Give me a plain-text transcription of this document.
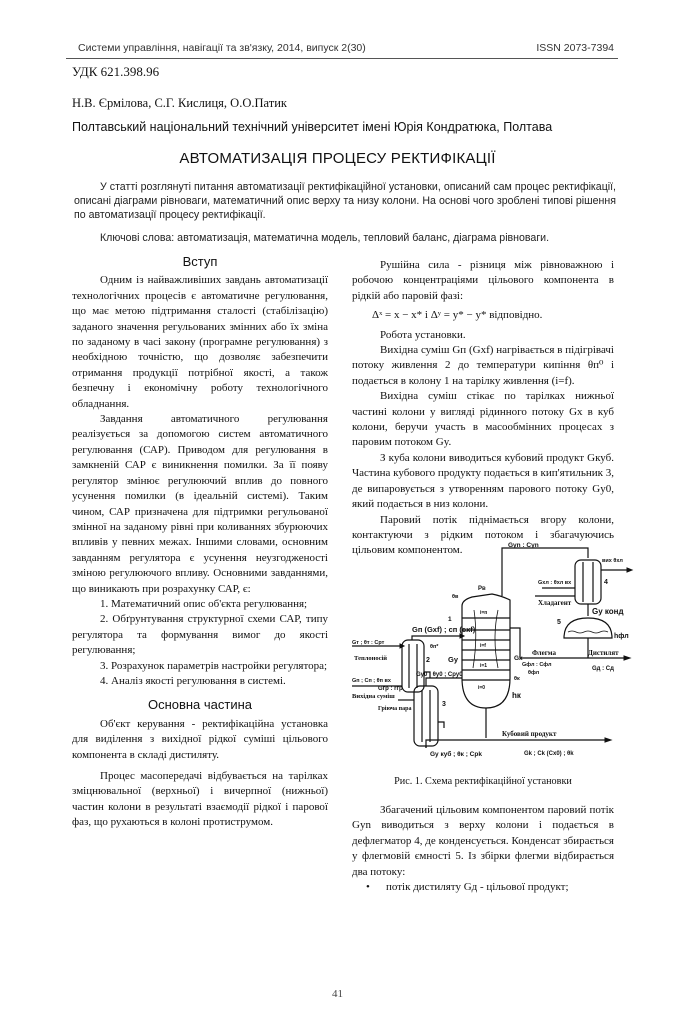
Системи управління, навігації та зв'язку, 2014, випуск 2(30)	ISSN 2073-7394
УДК 621.398.96
Н.В. Єрмілова, С.Г. Кислиця, О.О.Патик
Полтавський національний технічний університет імені Юрія Кондратюка, Полтава
АВТОМАТИЗАЦІЯ ПРОЦЕСУ РЕКТИФІКАЦІЇ
У статті розглянуті питання автоматизації ректифікаційної установки, описаний сам процес ректифікації, описані діаграми рівноваги, математичний опис верху та низу колони. На основі чого зроблені типові рішення по автоматизації процесу ректифікації.
Ключові слова: автоматизація, математична модель, тепловий баланс, діаграма рівноваги.

Вступ

Одним із найважливіших завдань автоматизації технологічних процесів є автоматичне регулювання, що має метою підтримання сталості (стабілізацію) заданого значення регульованих змінних або їх зміна по заданому в часі закону (програмне регулювання) з необхідною точністю, що дозволяє забезпечити отримання продукції потрібної якості, а також безпечну і економічну роботу технологічного обладнання.

Завдання автоматичного регулювання реалізується за допомогою систем автоматичного регулювання (САР). Приводом для регулювання в замкненій САР є виникнення помилки. За її появу регулятор змінює регулюючий вплив до повного усунення помилки (в ідеальній системі). Таким чином, САР призначена для підтримки регульованої змінної на заданому рівні при коливаннях збурюючих впливів у певних межах. Іншими словами, основним завданням регулятора є усунення неузгодженості зміною регулюючого впливу. Основними завданнями, що виникають при розрахунку САР, є:

1. Математичний опис об'єкта регулювання;

2. Обґрунтування структурної схеми САР, типу регулятора та формування вимог до якості регулювання;

3. Розрахунок параметрів настройки регулятора;

4. Аналіз якості регулювання в системі.

Основна частина

Об'єкт керування - ректифікаційна установка для виділення з вихідної рідкої суміші цільового компонента в складі дистиляту.

Процес масопередачі відбувається на тарілках зміцнювальної (верхньої) і вичерпної (нижньої) частин колони в результаті взаємодії рідкої і парової фаз, що рухаються в колоні протиструмом.

Рушійна сила - різниця між рівноважною і робочою концентраціями цільового компонента в рідкій або паровій фазі:

Δˣ = x − x* і Δʸ = y* − y* відповідно.

Робота установки.

Вихідна суміш Gп (Gxf) нагрівається в підігрівачі потоку живлення 2 до температури кипіння θп⁰ і подається в колону 1 на тарілку живлення (i=f).

Вихідна суміш стікає по тарілках нижньої частині колони у вигляді рідинного потоку Gx в куб колони, беручи участь в масообмінних процесах з паровим потоком Gy.

З куба колони виводиться кубовий продукт Gкуб. Частина кубового продукту подається в кип'ятильник 3, де випаровується з утворенням парового потоку Gy0, який подається в низ колони.

Паровий потік піднімається вгору колони, контактуючи з рідким потоком і збагачуючись цільовим компонентом.	Gyn : Cyn
вих θхл
Gхл : θхл вх
Хладагент
4
Pв
θв
i=n	Gу конд
5
hфл
1
Gп (Gxf) ; cп (cxf)
Флегма	Дистилят
Gфл : Cфл
θфл
Gд : Cд
i=f
Gт ; θт : Cрт
θп*
Теплоносій	2 Gy	Gx
Gy0 ; θy0 ; Cpy0
i=1
θк
i=0
hк
Gп ; Cп ; θп вх
Gгр : rгр
Вихідна суміш
Гріюча пара
3
Кубовий продукт
Gy куб ; θк ; Cpk	Gk ; Ck (Cx0) ; θk
Рис. 1. Схема ректифікаційної установки

Збагачений цільовим компонентом паровий потік Gyn виводиться з верху колони і подається в дефлегматор 4, де конденсується. Конденсат збирається у флегмовій ємності 5. Із збірки флегми відбирається два потоку:

• потік дистиляту Gд - цільової продукт;

41
